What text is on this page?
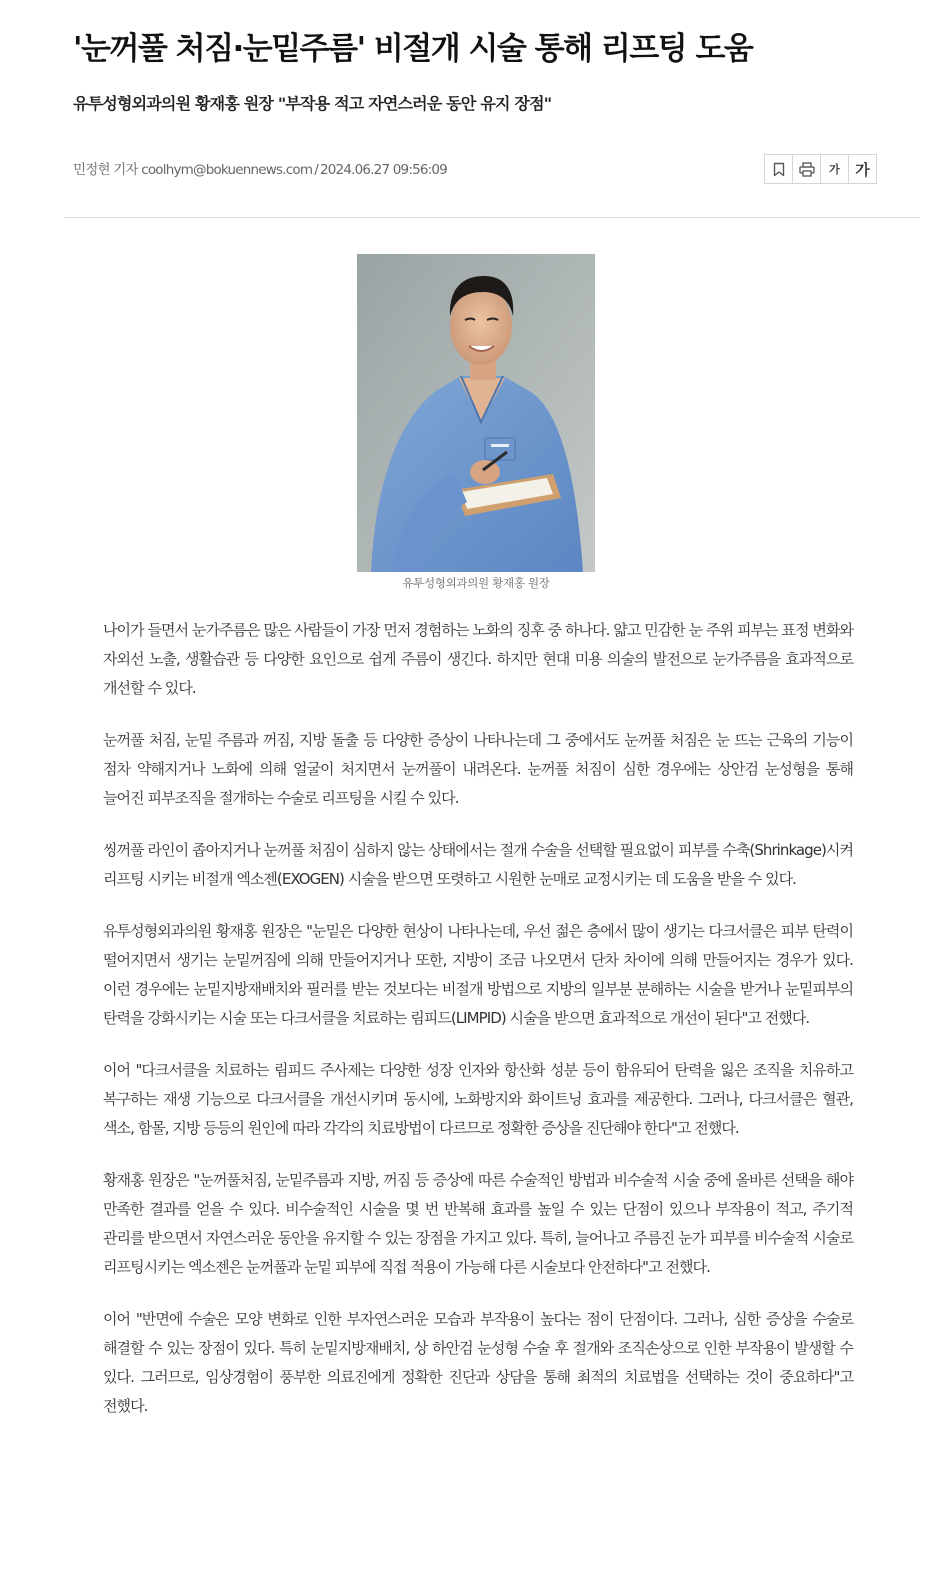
'눈꺼풀 처짐·눈밑주름' 비절개 시술 통해 리프팅 도움
유투성형외과의원 황재홍 원장 "부작용 적고 자연스러운 동안 유지 장점"
민정현 기자 coolhym@bokuennews.com / 2024.06.27 09:56:09	가	가
유투성형외과의원 황재홍 원장

나이가 들면서 눈가주름은 많은 사람들이 가장 먼저 경험하는 노화의 징후 중 하나다. 얇고 민감한 눈 주위 피부는 표정 변화와 자외선 노출, 생활습관 등 다양한 요인으로 쉽게 주름이 생긴다. 하지만 현대 미용 의술의 발전으로 눈가주름을 효과적으로 개선할 수 있다.

눈꺼풀 처짐, 눈밑 주름과 꺼짐, 지방 돌출 등 다양한 증상이 나타나는데 그 중에서도 눈꺼풀 처짐은 눈 뜨는 근육의 기능이 점차 약해지거나 노화에 의해 얼굴이 처지면서 눈꺼풀이 내려온다. 눈꺼풀 처짐이 심한 경우에는 상안검 눈성형을 통해 늘어진 피부조직을 절개하는 수술로 리프팅을 시킬 수 있다.

씽꺼풀 라인이 좁아지거나 눈꺼풀 처짐이 심하지 않는 상태에서는 절개 수술을 선택할 필요없이 피부를 수축(Shrinkage)시켜 리프팅 시키는 비절개 엑소젠(EXOGEN) 시술을 받으면 또렷하고 시원한 눈매로 교정시키는 데 도움을 받을 수 있다.

유투성형외과의원 황재홍 원장은 "눈밑은 다양한 현상이 나타나는데, 우선 젊은 층에서 많이 생기는 다크서클은 피부 탄력이 떨어지면서 생기는 눈밑꺼짐에 의해 만들어지거나 또한, 지방이 조금 나오면서 단차 차이에 의해 만들어지는 경우가 있다. 이런 경우에는 눈밑지방재배치와 필러를 받는 것보다는 비절개 방법으로 지방의 일부분 분해하는 시술을 받거나 눈밑피부의 탄력을 강화시키는 시술 또는 다크서클을 치료하는 림피드(LIMPID) 시술을 받으면 효과적으로 개선이 된다"고 전했다.

이어 "다크서클을 치료하는 림피드 주사제는 다양한 성장 인자와 항산화 성분 등이 함유되어 탄력을 잃은 조직을 치유하고 복구하는 재생 기능으로 다크서클을 개선시키며 동시에, 노화방지와 화이트닝 효과를 제공한다. 그러나, 다크서클은 혈관, 색소, 함몰, 지방 등등의 원인에 따라 각각의 치료방법이 다르므로 정확한 증상을 진단해야 한다"고 전했다.

황재홍 원장은 "눈꺼풀처짐, 눈밑주름과 지방, 꺼짐 등 증상에 따른 수술적인 방법과 비수술적 시술 중에 올바른 선택을 해야 만족한 결과를 얻을 수 있다. 비수술적인 시술을 몇 번 반복해 효과를 높일 수 있는 단점이 있으나 부작용이 적고, 주기적 관리를 받으면서 자연스러운 동안을 유지할 수 있는 장점을 가지고 있다. 특히, 늘어나고 주름진 눈가 피부를 비수술적 시술로 리프팅시키는 엑소젠은 눈꺼풀과 눈밑 피부에 직접 적용이 가능해 다른 시술보다 안전하다"고 전했다.

이어 "반면에 수술은 모양 변화로 인한 부자연스러운 모습과 부작용이 높다는 점이 단점이다. 그러나, 심한 증상을 수술로 해결할 수 있는 장점이 있다. 특히 눈밑지방재배치, 상 하안검 눈성형 수술 후 절개와 조직손상으로 인한 부작용이 발생할 수 있다. 그러므로, 임상경험이 풍부한 의료진에게 정확한 진단과 상담을 통해 최적의 치료법을 선택하는 것이 중요하다"고 전했다.
